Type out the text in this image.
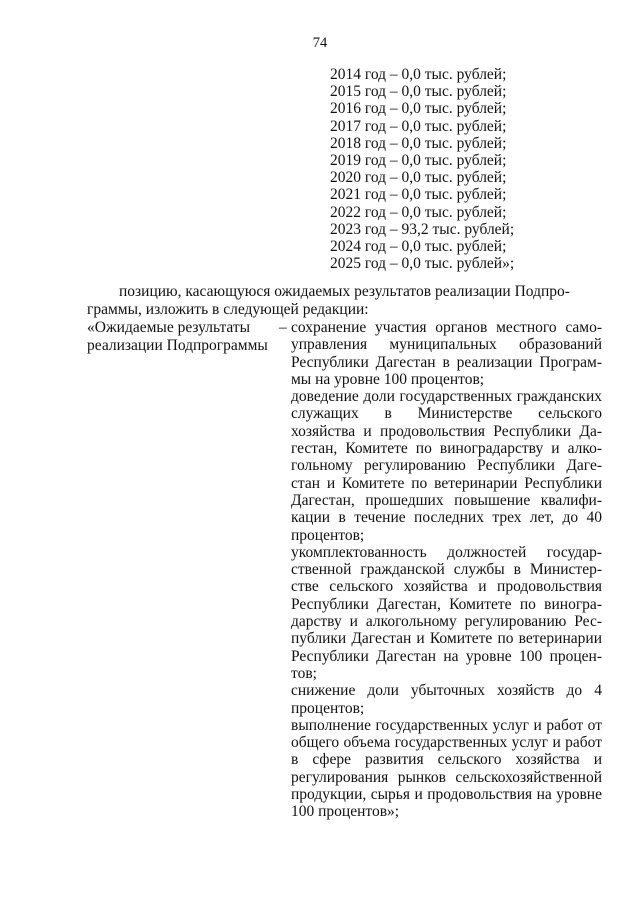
74
2014 год – 0,0 тыс. рублей;
2015 год – 0,0 тыс. рублей;
2016 год – 0,0 тыс. рублей;
2017 год – 0,0 тыс. рублей;
2018 год – 0,0 тыс. рублей;
2019 год – 0,0 тыс. рублей;
2020 год – 0,0 тыс. рублей;
2021 год – 0,0 тыс. рублей;
2022 год – 0,0 тыс. рублей;
2023 год – 93,2 тыс. рублей;
2024 год – 0,0 тыс. рублей;
2025 год – 0,0 тыс. рублей»;
позицию, касающуюся ожидаемых результатов реализации Подпро-
граммы, изложить в следующей редакции:
«Ожидаемые результаты
реализации Подпрограммы
– сохранение участия органов местного самоуправления муниципальных образований Республики Дагестан в реализации Программы на уровне 100 процентов;
доведение доли государственных гражданских служащих в Министерстве сельского хозяйства и продовольствия Республики Дагестан, Комитете по виноградарству и алкогольному регулированию Республики Дагестан и Комитете по ветеринарии Республики Дагестан, прошедших повышение квалификации в течение последних трех лет, до 40 процентов;
укомплектованность должностей государственной гражданской службы в Министерстве сельского хозяйства и продовольствия Республики Дагестан, Комитете по виноградарству и алкогольному регулированию Республики Дагестан и Комитете по ветеринарии Республики Дагестан на уровне 100 процентов;
снижение доли убыточных хозяйств до 4 процентов;
выполнение государственных услуг и работ от общего объема государственных услуг и работ в сфере развития сельского хозяйства и регулирования рынков сельскохозяйственной продукции, сырья и продовольствия на уровне 100 процентов»;
